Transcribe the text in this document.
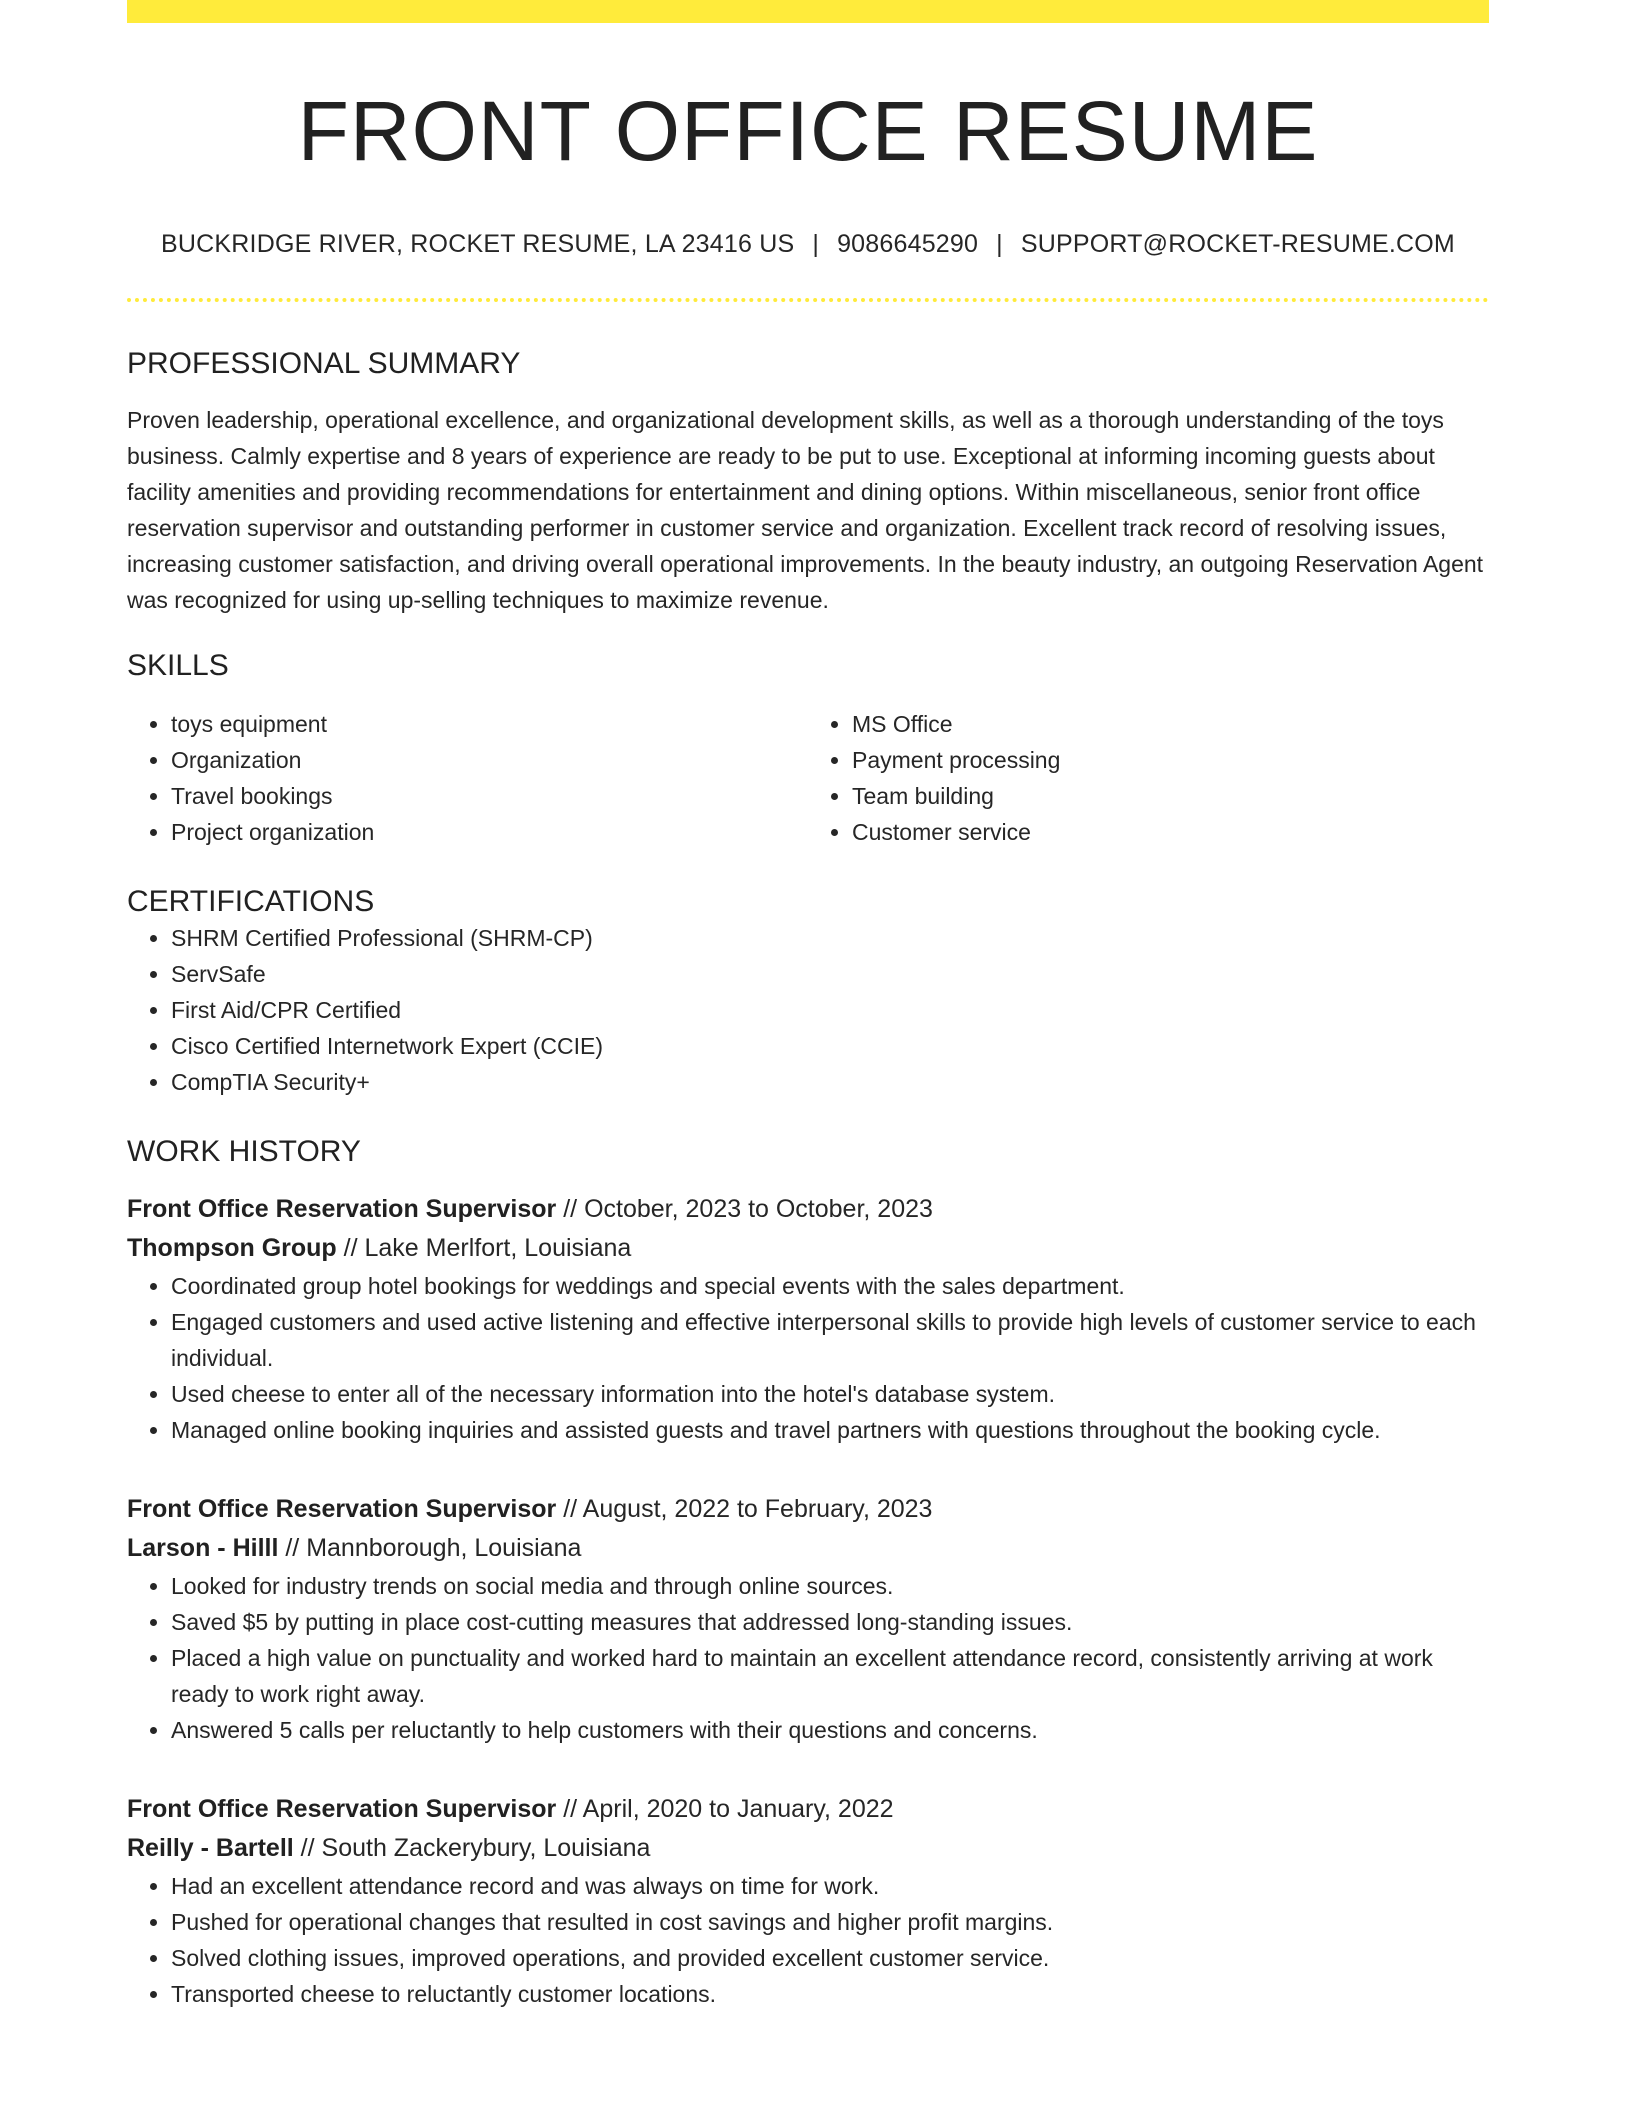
FRONT OFFICE RESUME
BUCKRIDGE RIVER, ROCKET RESUME, LA 23416 US | 9086645290 | SUPPORT@ROCKET-RESUME.COM
PROFESSIONAL SUMMARY

Proven leadership, operational excellence, and organizational development skills, as well as a thorough understanding of the toys business. Calmly expertise and 8 years of experience are ready to be put to use. Exceptional at informing incoming guests about facility amenities and providing recommendations for entertainment and dining options. Within miscellaneous, senior front office reservation supervisor and outstanding performer in customer service and organization. Excellent track record of resolving issues, increasing customer satisfaction, and driving overall operational improvements. In the beauty industry, an outgoing Reservation Agent was recognized for using up-selling techniques to maximize revenue.

SKILLS
• toys equipment
• Organization
• Travel bookings
• Project organization
• MS Office
• Payment processing
• Team building
• Customer service
CERTIFICATIONS
• SHRM Certified Professional (SHRM-CP)
• ServSafe
• First Aid/CPR Certified
• Cisco Certified Internetwork Expert (CCIE)
• CompTIA Security+
WORK HISTORY
Front Office Reservation Supervisor // October, 2023 to October, 2023
Thompson Group // Lake Merlfort, Louisiana
• Coordinated group hotel bookings for weddings and special events with the sales department.
• Engaged customers and used active listening and effective interpersonal skills to provide high levels of customer service to each individual.
• Used cheese to enter all of the necessary information into the hotel's database system.
• Managed online booking inquiries and assisted guests and travel partners with questions throughout the booking cycle.
Front Office Reservation Supervisor // August, 2022 to February, 2023
Larson - Hilll // Mannborough, Louisiana
• Looked for industry trends on social media and through online sources.
• Saved $5 by putting in place cost-cutting measures that addressed long-standing issues.
• Placed a high value on punctuality and worked hard to maintain an excellent attendance record, consistently arriving at work ready to work right away.
• Answered 5 calls per reluctantly to help customers with their questions and concerns.
Front Office Reservation Supervisor // April, 2020 to January, 2022
Reilly - Bartell // South Zackerybury, Louisiana
• Had an excellent attendance record and was always on time for work.
• Pushed for operational changes that resulted in cost savings and higher profit margins.
• Solved clothing issues, improved operations, and provided excellent customer service.
• Transported cheese to reluctantly customer locations.
